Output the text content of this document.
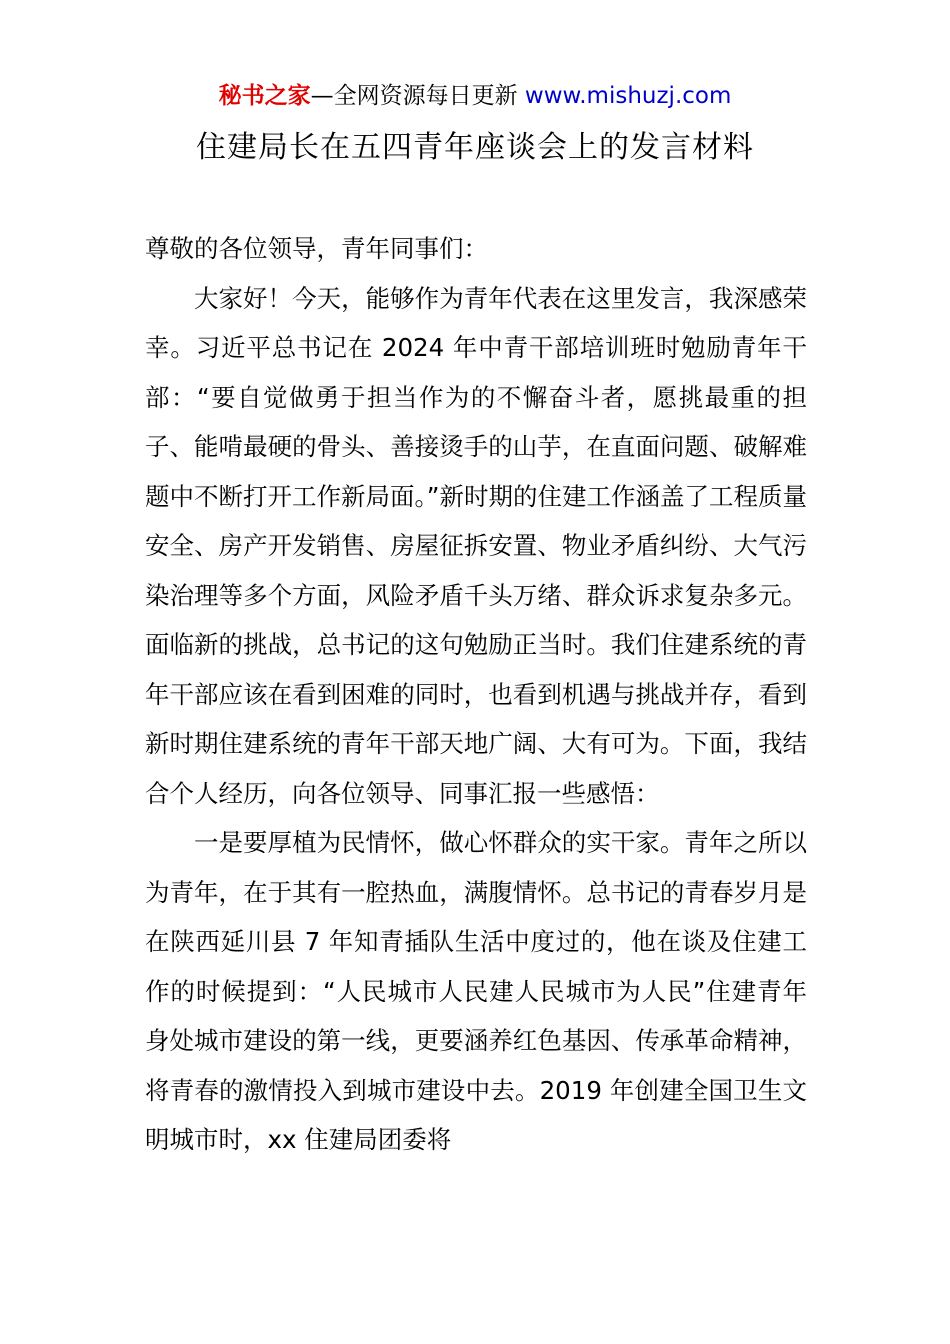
秘书之家—全网资源每日更新 www.mishuzj.com
住建局长在五四青年座谈会上的发言材料

尊敬的各位领导，青年同事们：

大家好！今天，能够作为青年代表在这里发言，我深感荣幸。习近平总书记在 2024 年中青干部培训班时勉励青年干部：“要自觉做勇于担当作为的不懈奋斗者，愿挑最重的担子、能啃最硬的骨头、善接烫手的山芋，在直面问题、破解难题中不断打开工作新局面。”新时期的住建工作涵盖了工程质量安全、房产开发销售、房屋征拆安置、物业矛盾纠纷、大气污染治理等多个方面，风险矛盾千头万绪、群众诉求复杂多元。面临新的挑战，总书记的这句勉励正当时。我们住建系统的青年干部应该在看到困难的同时，也看到机遇与挑战并存，看到新时期住建系统的青年干部天地广阔、大有可为。下面，我结合个人经历，向各位领导、同事汇报一些感悟：

一是要厚植为民情怀，做心怀群众的实干家。青年之所以为青年，在于其有一腔热血，满腹情怀。总书记的青春岁月是在陕西延川县 7 年知青插队生活中度过的，他在谈及住建工作的时候提到：“人民城市人民建人民城市为人民”住建青年身处城市建设的第一线，更要涵养红色基因、传承革命精神，将青春的激情投入到城市建设中去。2019 年创建全国卫生文明城市时，xx 住建局团委将
